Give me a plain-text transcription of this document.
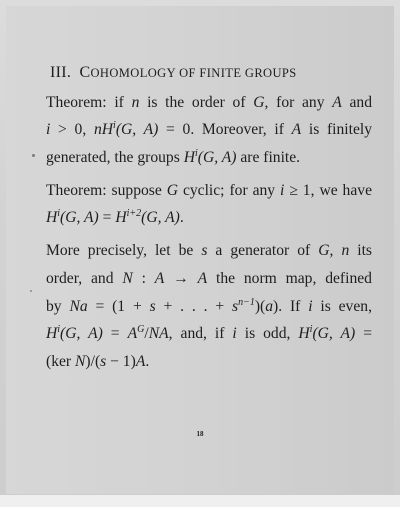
III. COHOMOLOGY OF FINITE GROUPS
Theorem: if n is the order of G, for any A and
i > 0, $nH^i(G$, A) = 0. Moreover, if A is finitely
generated, the groups $H^i(G$, A) are finite.
Theorem: suppose G cyclic; for any i ≥ 1, we have
$H^i(G$, $A) = H^{i+2}(G$, A).
More precisely, let be s a generator of G, n its
order, and N : A → A the norm map, defined
by Na = (1 + s + . . . + $s^{n-1})(a)$. If i is even,
$H^i(G$, $A) = A^G/NA$, and, if i is odd, $H^i(G$, A) =
(ker N)/(s − 1)A.
18
